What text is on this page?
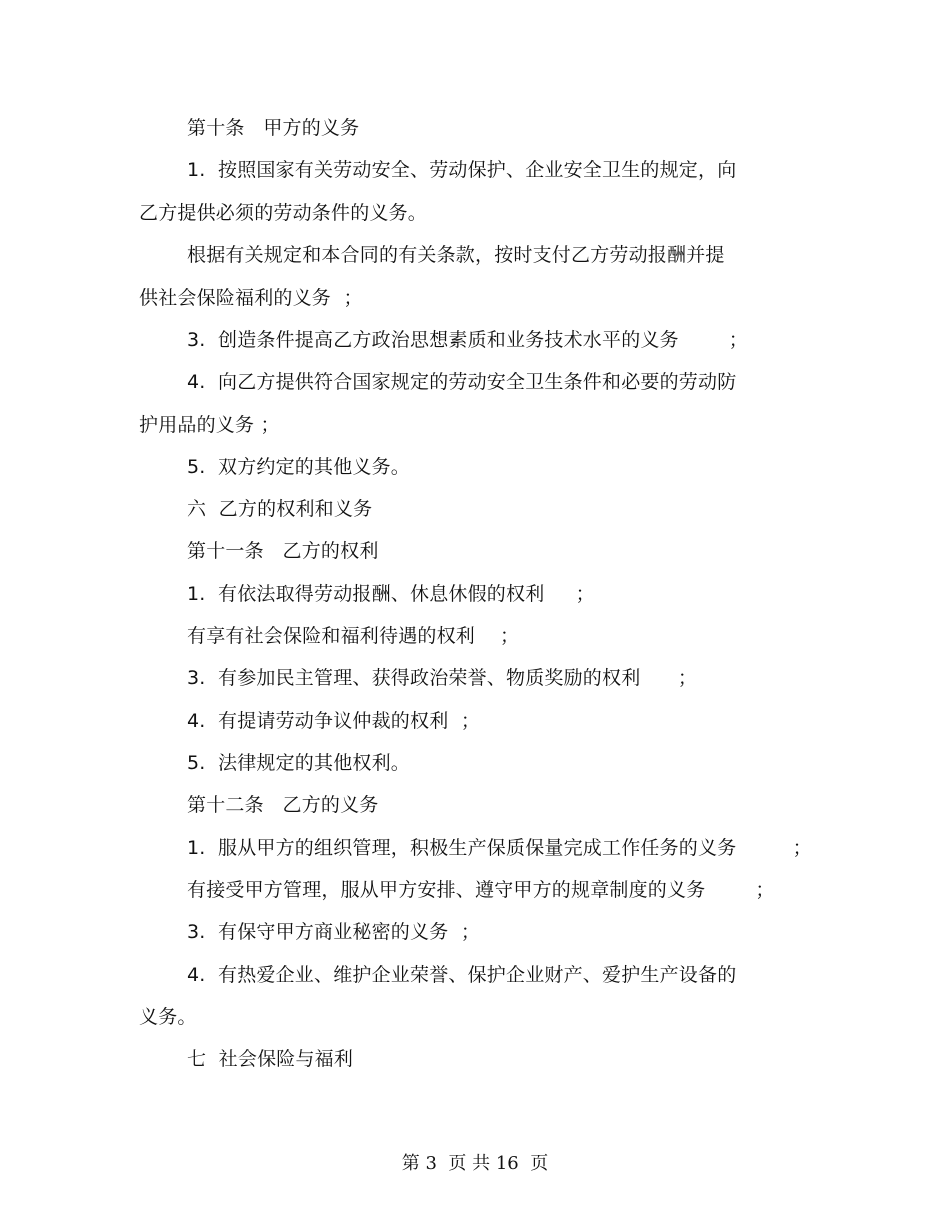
第十条   甲方的义务
1.  按照国家有关劳动安全、劳动保护、企业安全卫生的规定，向
乙方提供必须的劳动条件的义务。
根据有关规定和本合同的有关条款，按时支付乙方劳动报酬并提
供社会保险福利的义务  ；
3.  创造条件提高乙方政治思想素质和业务技术水平的义务        ；
4.  向乙方提供符合国家规定的劳动安全卫生条件和必要的劳动防
护用品的义务 ；
5.  双方约定的其他义务。
六  乙方的权利和义务
第十一条   乙方的权利
1.  有依法取得劳动报酬、休息休假的权利     ；
有享有社会保险和福利待遇的权利    ；
3.  有参加民主管理、获得政治荣誉、物质奖励的权利      ；
4.  有提请劳动争议仲裁的权利  ；
5.  法律规定的其他权利。
第十二条   乙方的义务
1.  服从甲方的组织管理，积极生产保质保量完成工作任务的义务         ；
有接受甲方管理，服从甲方安排、遵守甲方的规章制度的义务        ；
3.  有保守甲方商业秘密的义务  ；
4.  有热爱企业、维护企业荣誉、保护企业财产、爱护生产设备的
义务。
七  社会保险与福利
第 3  页 共 16  页
